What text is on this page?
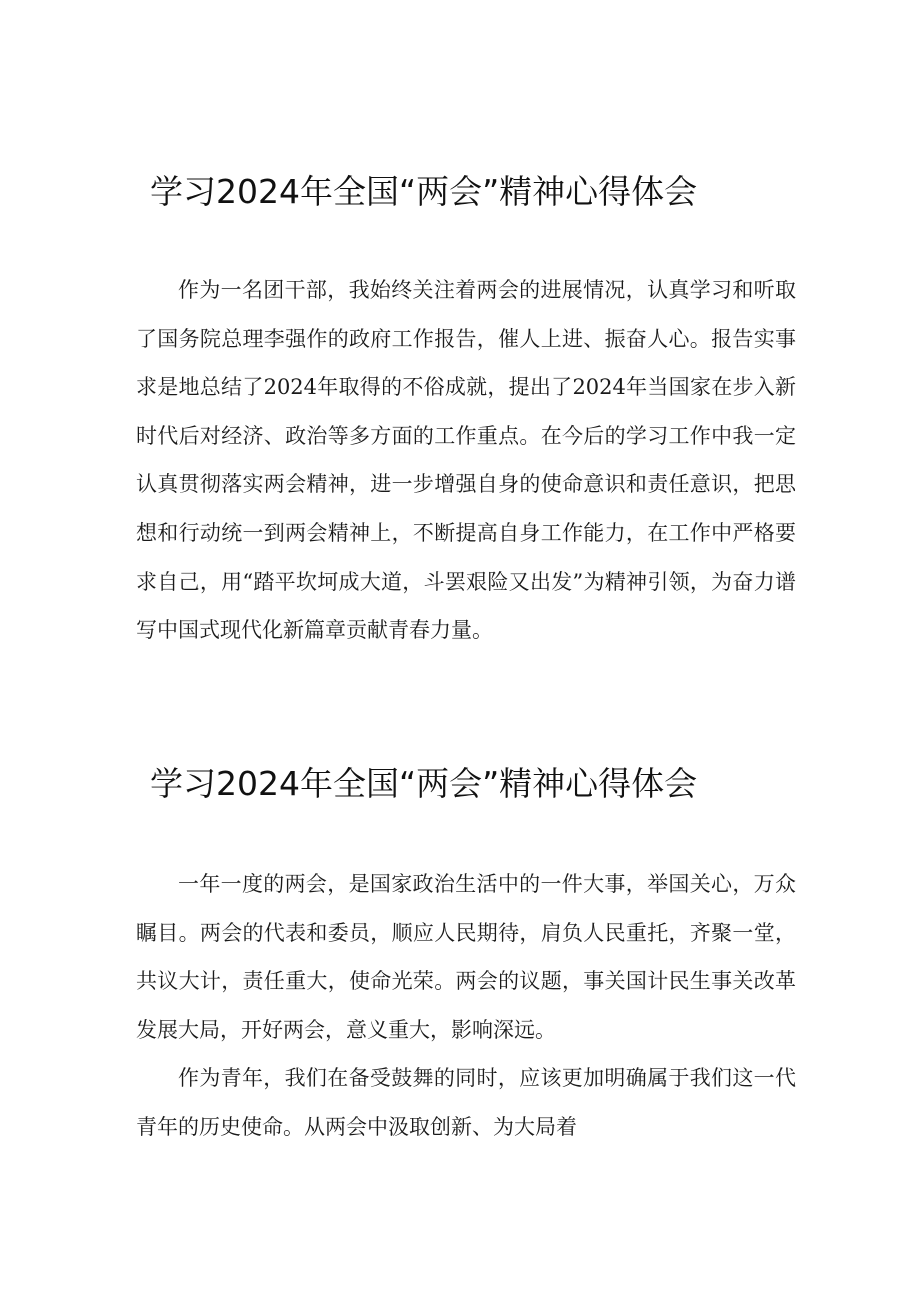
学习2024年全国“两会”精神心得体会

作为一名团干部，我始终关注着两会的进展情况，认真学习和听取了国务院总理李强作的政府工作报告，催人上进、振奋人心。报告实事求是地总结了2024年取得的不俗成就，提出了2024年当国家在步入新时代后对经济、政治等多方面的工作重点。在今后的学习工作中我一定认真贯彻落实两会精神，进一步增强自身的使命意识和责任意识，把思想和行动统一到两会精神上，不断提高自身工作能力，在工作中严格要求自己，用“踏平坎坷成大道，斗罢艰险又出发”为精神引领，为奋力谱写中国式现代化新篇章贡献青春力量。

学习2024年全国“两会”精神心得体会

一年一度的两会，是国家政治生活中的一件大事，举国关心，万众瞩目。两会的代表和委员，顺应人民期待，肩负人民重托，齐聚一堂，共议大计，责任重大，使命光荣。两会的议题，事关国计民生事关改革发展大局，开好两会，意义重大，影响深远。

作为青年，我们在备受鼓舞的同时，应该更加明确属于我们这一代青年的历史使命。从两会中汲取创新、为大局着
